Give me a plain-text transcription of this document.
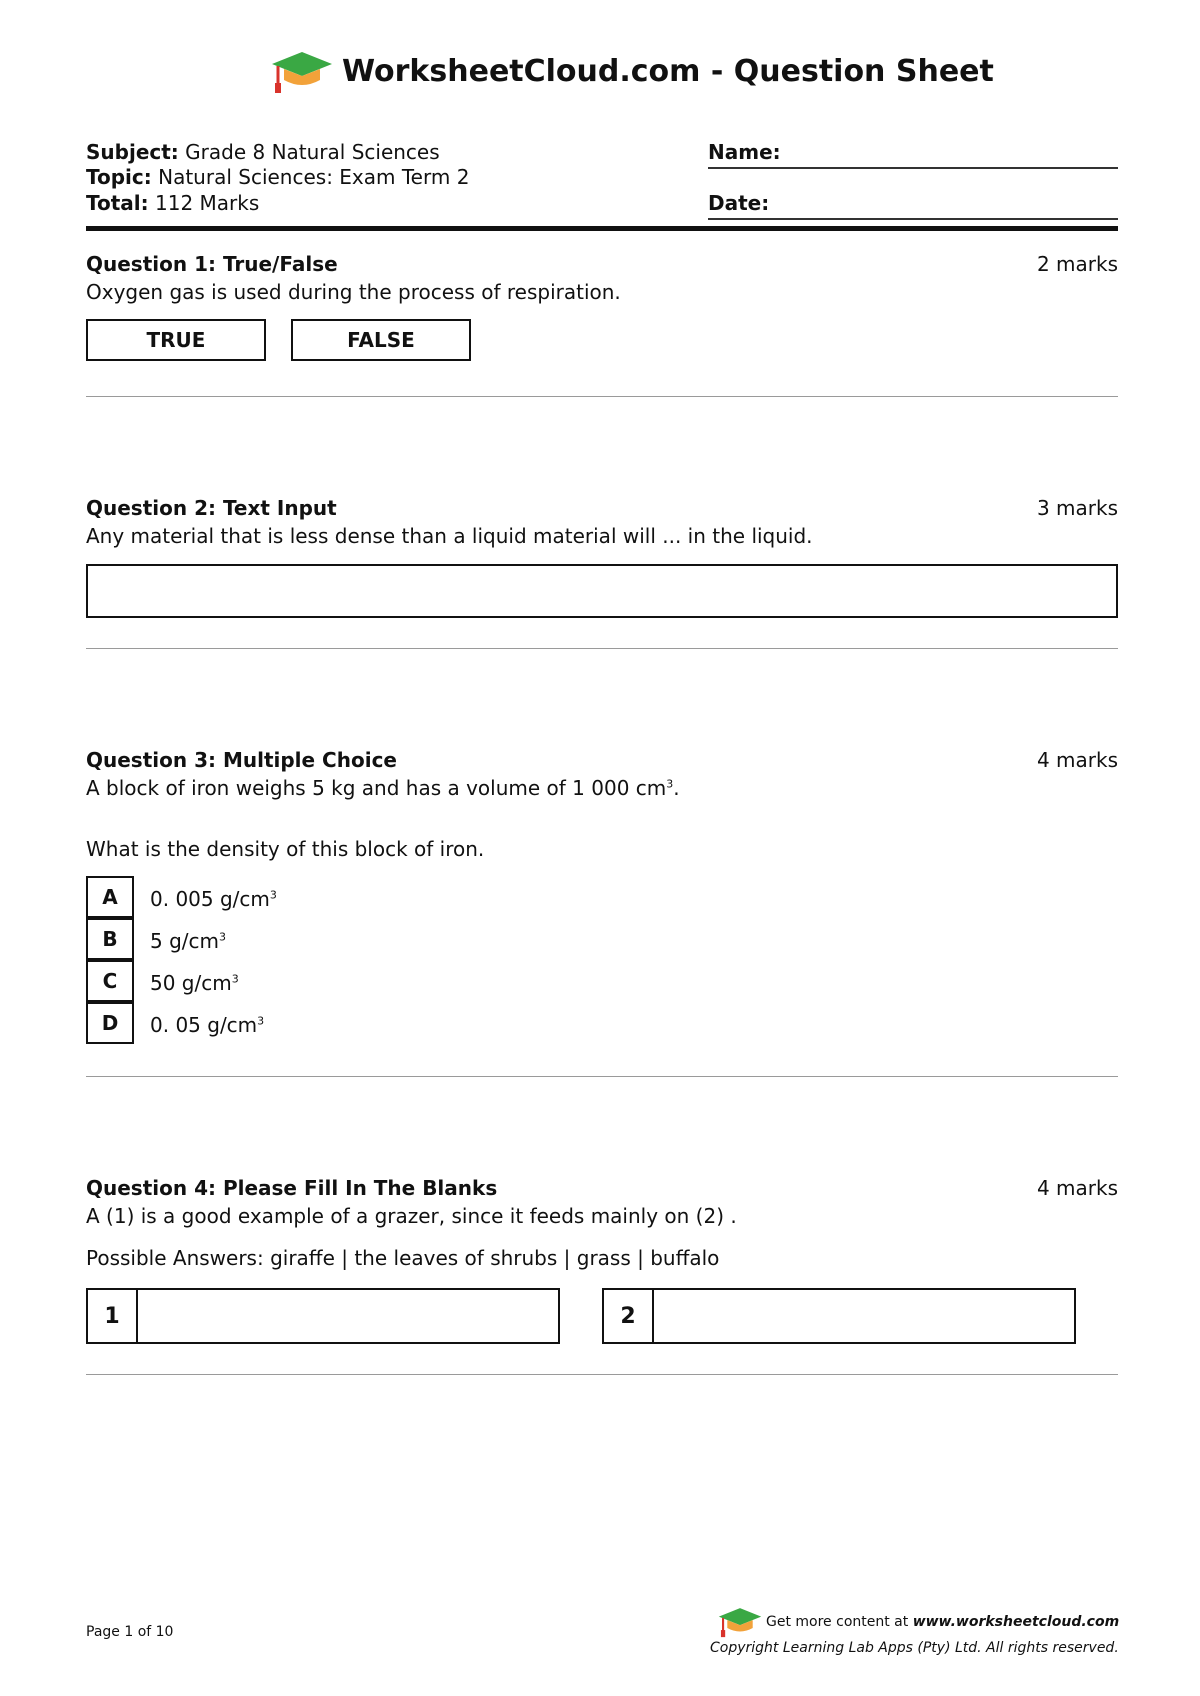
WorksheetCloud.com - Question Sheet
Subject: Grade 8 Natural Sciences
Topic: Natural Sciences: Exam Term 2
Total: 112 Marks
Name:
Date:
Question 1: True/False	2 marks
Oxygen gas is used during the process of respiration.
TRUE	FALSE
Question 2: Text Input	3 marks
Any material that is less dense than a liquid material will ... in the liquid.
Question 3: Multiple Choice	4 marks
A block of iron weighs 5 kg and has a volume of 1 000 $cm^3$.
What is the density of this block of iron.
A	0. 005 $g/cm^3$
B	5 $g/cm^3$
C	50 $g/cm^3$
D	0. 05 $g/cm^3$
Question 4: Please Fill In The Blanks	4 marks
A (1) is a good example of a grazer, since it feeds mainly on (2) .
Possible Answers: giraffe | the leaves of shrubs | grass | buffalo
1	2
Page 1 of 10
Get more content at www.worksheetcloud.com
Copyright Learning Lab Apps (Pty) Ltd. All rights reserved.
